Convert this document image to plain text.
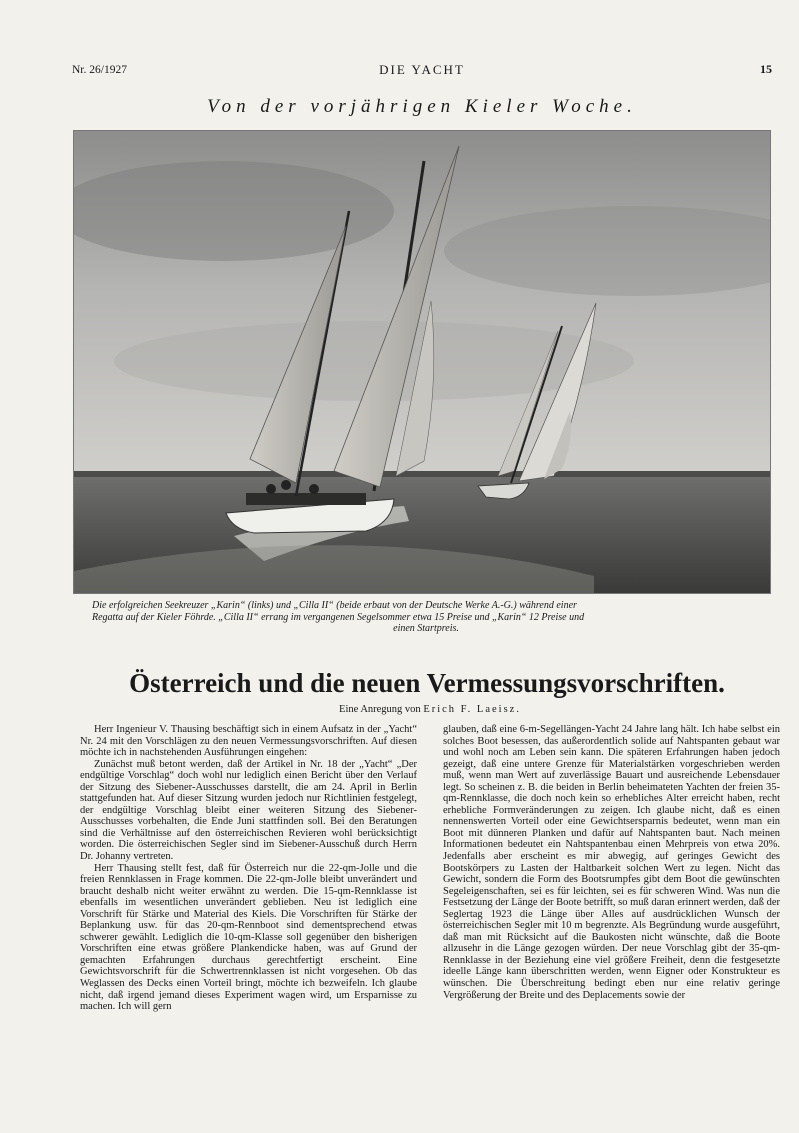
Nr. 26/1927	DIE YACHT	15
Von der vorjährigen Kieler Woche.

Die erfolgreichen Seekreuzer „Karin“ (links) und „Cilla II“ (beide erbaut von der Deutsche Werke A.-G.) während einer

Regatta auf der Kieler Föhrde. „Cilla II“ errang im vergangenen Segelsommer etwa 15 Preise und „Karin“ 12 Preise und

einen Startpreis.

Österreich und die neuen Vermessungsvorschriften.
Eine Anregung von Erich F. Laeisz.

Herr Ingenieur V. Thausing beschäftigt sich in einem Aufsatz in der „Yacht“ Nr. 24 mit den Vorschlägen zu den neuen Vermessungsvorschriften. Auf diesen möchte ich in nachstehenden Ausführungen eingehen:

Zunächst muß betont werden, daß der Artikel in Nr. 18 der „Yacht“ „Der endgültige Vorschlag“ doch wohl nur lediglich einen Bericht über den Verlauf der Sitzung des Siebener-Ausschusses darstellt, die am 24. April in Berlin stattgefunden hat. Auf dieser Sitzung wurden jedoch nur Richtlinien festgelegt, der endgültige Vorschlag bleibt einer weiteren Sitzung des Siebener-Ausschusses vorbehalten, die Ende Juni stattfinden soll. Bei den Beratungen sind die Verhältnisse auf den österreichischen Revieren wohl berücksichtigt worden. Die österreichischen Segler sind im Siebener-Ausschuß durch Herrn Dr. Johanny vertreten.

Herr Thausing stellt fest, daß für Österreich nur die 22-qm-Jolle und die freien Rennklassen in Frage kommen. Die 22-qm-Jolle bleibt unverändert und braucht deshalb nicht weiter erwähnt zu werden. Die 15-qm-Rennklasse ist ebenfalls im wesentlichen unverändert geblieben. Neu ist lediglich eine Vorschrift für Stärke und Material des Kiels. Die Vorschriften für Stärke der Beplankung usw. für das 20-qm-Rennboot sind dementsprechend etwas schwerer gewählt. Lediglich die 10-qm-Klasse soll gegenüber den bisherigen Vorschriften eine etwas größere Plankendicke haben, was auf Grund der gemachten Erfahrungen durchaus gerechtfertigt erscheint. Eine Gewichtsvorschrift für die Schwertrennklassen ist nicht vorgesehen. Ob das Weglassen des Decks einen Vorteil bringt, möchte ich bezweifeln. Ich glaube nicht, daß irgend jemand dieses Experiment wagen wird, um Ersparnisse zu machen. Ich will gern

glauben, daß eine 6-m-Segellängen-Yacht 24 Jahre lang hält. Ich habe selbst ein solches Boot besessen, das außerordentlich solide auf Nahtspanten gebaut war und wohl noch am Leben sein kann. Die späteren Erfahrungen haben jedoch gezeigt, daß eine untere Grenze für Materialstärken vorgeschrieben werden muß, wenn man Wert auf zuverlässige Bauart und ausreichende Lebensdauer legt. So scheinen z. B. die beiden in Berlin beheimateten Yachten der freien 35-qm-Rennklasse, die doch noch kein so erhebliches Alter erreicht haben, recht erhebliche Formveränderungen zu zeigen. Ich glaube nicht, daß es einen nennenswerten Vorteil oder eine Gewichtsersparnis bedeutet, wenn man ein Boot mit dünneren Planken und dafür auf Nahtspanten baut. Nach meinen Informationen bedeutet ein Nahtspantenbau einen Mehrpreis von etwa 20%. Jedenfalls aber erscheint es mir abwegig, auf geringes Gewicht des Bootskörpers zu Lasten der Haltbarkeit solchen Wert zu legen. Nicht das Gewicht, sondern die Form des Bootsrumpfes gibt dem Boot die gewünschten Segeleigenschaften, sei es für leichten, sei es für schweren Wind. Was nun die Festsetzung der Länge der Boote betrifft, so muß daran erinnert werden, daß der Seglertag 1923 die Länge über Alles auf ausdrücklichen Wunsch der österreichischen Segler mit 10 m begrenzte. Als Begründung wurde ausgeführt, daß man mit Rücksicht auf die Baukosten nicht wünschte, daß die Boote allzusehr in die Länge gezogen würden. Der neue Vorschlag gibt der 35-qm-Rennklasse in der Beziehung eine viel größere Freiheit, denn die festgesetzte ideelle Länge kann überschritten werden, wenn Eigner oder Konstrukteur es wünschen. Die Überschreitung bedingt eben nur eine relativ geringe Vergrößerung der Breite und des Deplacements sowie der
